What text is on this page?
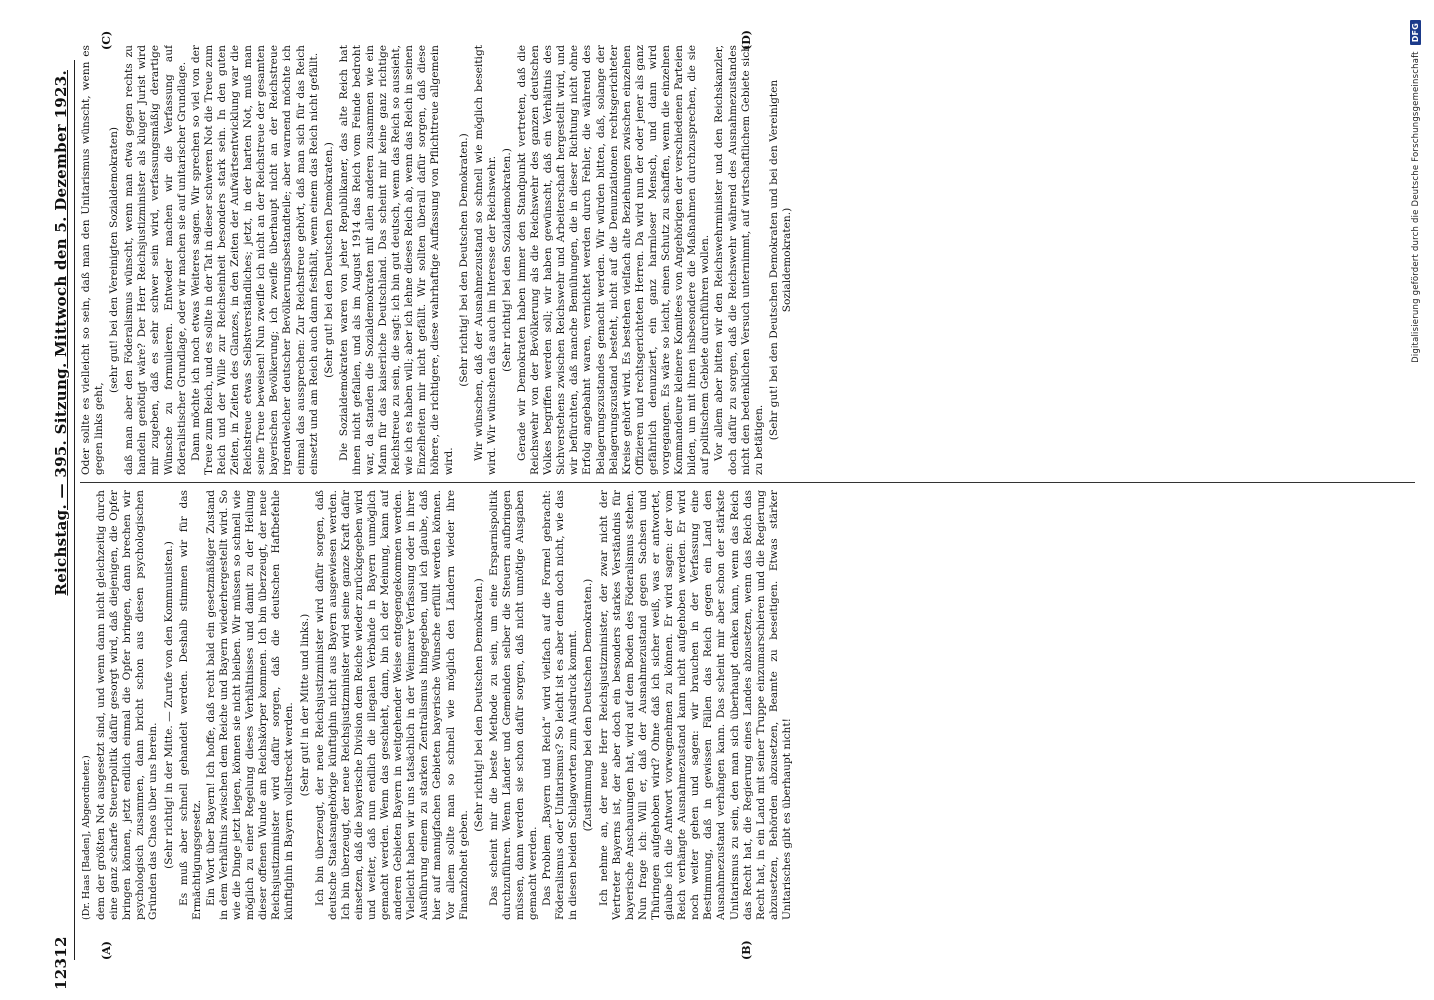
12312
Reichstag. — 395. Sitzung. Mittwoch den 5. Dezember 1923.
(A)	(B)
(C)	(D)
(Dr. Haas [Baden], Abgeordneter.) dem der größten Not ausgesetzt sind, und wenn dann nicht gleichzeitig durch eine ganz scharfe Steuerpolitik dafür gesorgt wird, daß diejenigen, die Opfer bringen können, jetzt endlich einmal die Opfer bringen, dann brechen wir psychologisch zusammen, dann bricht schon aus diesen psychologischen Gründen das Chaos über uns herein. (Sehr richtig! in der Mitte. — Zurufe von den Kommunisten.) Es muß aber schnell gehandelt werden. Deshalb stimmen wir für das Ermächtigungsgesetz. Ein Wort über Bayern! Ich hoffe, daß recht bald ein gesetzmäßiger Zustand in dem Verhältnis zwischen dem Reiche und Bayern wiederhergestellt wird. So wie die Dinge jetzt liegen, können sie nicht bleiben. Wir müssen so schnell wie möglich zu einer Regelung dieses Verhältnisses und damit zu der Heilung dieser offenen Wunde am Reichskörper kommen. Ich bin überzeugt, der neue Reichsjustizminister wird dafür sorgen, daß die deutschen Haftbefehle künftighin in Bayern vollstreckt werden. (Sehr gut! in der Mitte und links.) Ich bin überzeugt, der neue Reichsjustizminister wird dafür sorgen, daß deutsche Staatsangehörige künftighin nicht aus Bayern ausgewiesen werden. Ich bin überzeugt, der neue Reichsjustizminister wird seine ganze Kraft dafür einsetzen, daß die bayerische Division dem Reiche wieder zurückgegeben wird und weiter, daß nun endlich die illegalen Verbände in Bayern unmöglich gemacht werden. Wenn das geschieht, dann, bin ich der Meinung, kann auf anderen Gebieten Bayern in weitgehender Weise entgegengekommen werden. Vielleicht haben wir uns tatsächlich in der Weimarer Verfassung oder in ihrer Ausführung einem zu starken Zentralismus hingegeben, und ich glaube, daß hier auf mannigfachen Gebieten bayerische Wünsche erfüllt werden können. Vor allem sollte man so schnell wie möglich den Ländern wieder ihre Finanzhoheit geben.

(Sehr richtig! bei den Deutschen Demokraten.) Das scheint mir die beste Methode zu sein, um eine Ersparnispolitik durchzuführen. Wenn Länder und Gemeinden selber die Steuern aufbringen müssen, dann werden sie schon dafür sorgen, daß nicht unnötige Ausgaben gemacht werden. Das Problem „Bayern und Reich“ wird vielfach auf die Formel gebracht: Föderalismus oder Unitarismus? So leicht ist es aber denn doch nicht, wie das in diesen beiden Schlagworten zum Ausdruck kommt. (Zustimmung bei den Deutschen Demokraten.) Ich nehme an, der neue Herr Reichsjustizminister, der zwar nicht der Vertreter Bayerns ist, der aber doch ein besonders starkes Verständnis für bayerische Anschauungen hat, wird auf dem Boden des Föderalismus stehen. Nun frage ich: Will er, daß der Ausnahmezustand gegen Sachsen und Thüringen aufgehoben wird? Ohne daß ich sicher weiß, was er antwortet, glaube ich die Antwort vorwegnehmen zu können. Er wird sagen: der vom Reich verhängte Ausnahmezustand kann nicht aufgehoben werden. Er wird noch weiter gehen und sagen: wir brauchen in der Verfassung eine Bestimmung, daß in gewissen Fällen das Reich gegen ein Land den Ausnahmezustand verhängen kann. Das scheint mir aber schon der stärkste Unitarismus zu sein, den man sich überhaupt denken kann, wenn das Reich das Recht hat, die Regierung eines Landes abzusetzen, wenn das Reich das Recht hat, in ein Land mit seiner Truppe einzumarschieren und die Regierung abzusetzen, Behörden abzusetzen, Beamte zu beseitigen. Etwas stärker Unitarisches gibt es überhaupt nicht!

Oder sollte es vielleicht so sein, daß man den Unitarismus wünscht, wenn es gegen links geht,

(sehr gut! bei den Vereinigten Sozialdemokraten) daß man aber den Föderalismus wünscht, wenn man etwa gegen rechts zu handeln genötigt wäre? Der Herr Reichsjustizminister als kluger Jurist wird mir zugeben, daß es sehr schwer sein wird, verfassungsmäßig derartige Wünsche zu formulieren. Entweder machen wir die Verfassung auf föderalistischer Grundlage, oder wir machen sie auf unitarischer Grundlage. Dann möchte ich noch etwas Weiteres sagen. Wir sprechen so viel von der Treue zum Reich, und es sollte in der Tat in dieser schweren Not die Treue zum Reich und der Wille zur Reichseinheit besonders stark sein. In den guten Zeiten, in Zeiten des Glanzes, in den Zeiten der Aufwärtsentwicklung war die Reichstreue etwas Selbstverständliches; jetzt, in der harten Not, muß man seine Treue beweisen! Nun zweifle ich nicht an der Reichstreue der gesamten bayerischen Bevölkerung; ich zweifle überhaupt nicht an der Reichstreue irgendwelcher deutscher Bevölkerungsbestandteile; aber warnend möchte ich einmal das aussprechen: Zur Reichstreue gehört, daß man sich für das Reich einsetzt und am Reich auch dann festhält, wenn einem das Reich nicht gefällt. (Sehr gut! bei den Deutschen Demokraten.) Die Sozialdemokraten waren von jeher Republikaner, das alte Reich hat ihnen nicht gefallen, und als im August 1914 das Reich vom Feinde bedroht war, da standen die Sozialdemokraten mit allen anderen zusammen wie ein Mann für das kaiserliche Deutschland. Das scheint mir keine ganz richtige Reichstreue zu sein, die sagt: ich bin gut deutsch, wenn das Reich so aussieht, wie ich es haben will; aber ich lehne dieses Reich ab, wenn das Reich in seinen Einzelheiten mir nicht gefällt. Wir sollten überall dafür sorgen, daß diese höhere, die richtigere, diese wahrhaftige Auffassung von Pflichttreue allgemein wird.

(Sehr richtig! bei den Deutschen Demokraten.) Wir wünschen, daß der Ausnahmezustand so schnell wie möglich beseitigt wird. Wir wünschen das auch im Interesse der Reichswehr. (Sehr richtig! bei den Sozialdemokraten.) Gerade wir Demokraten haben immer den Standpunkt vertreten, daß die Reichswehr von der Bevölkerung als die Reichswehr des ganzen deutschen Volkes begriffen werden soll; wir haben gewünscht, daß ein Verhältnis des Sichverstehens zwischen Reichswehr und Arbeiterschaft hergestellt wird, und wir befürchten, daß manche Bemühungen, die in dieser Richtung nicht ohne Erfolg angebahnt waren, vernichtet werden durch Fehler, die während des Belagerungszustandes gemacht werden. Wir würden bitten, daß, solange der Belagerungszustand besteht, nicht auf die Denunziationen rechtsgerichteter Kreise gehört wird. Es bestehen vielfach alte Beziehungen zwischen einzelnen Offizieren und rechtsgerichteten Herren. Da wird nun der oder jener als ganz gefährlich denunziert, ein ganz harmloser Mensch, und dann wird vorgegangen. Es wäre so leicht, einen Schutz zu schaffen, wenn die einzelnen Kommandeure kleinere Komitees von Angehörigen der verschiedenen Parteien bilden, um mit ihnen insbesondere die Maßnahmen durchzusprechen, die sie auf politischem Gebiete durchführen wollen. Vor allem aber bitten wir den Reichswehrminister und den Reichskanzler, doch dafür zu sorgen, daß die Reichswehr während des Ausnahmezustandes nicht den bedenklichen Versuch unternimmt, auf wirtschaftlichem Gebiete sich zu betätigen. (Sehr gut! bei den Deutschen Demokraten und bei den Vereinigten Sozialdemokraten.)	Digitalisierung gefördert durch die Deutsche Forschungsgemeinschaft
DFG
